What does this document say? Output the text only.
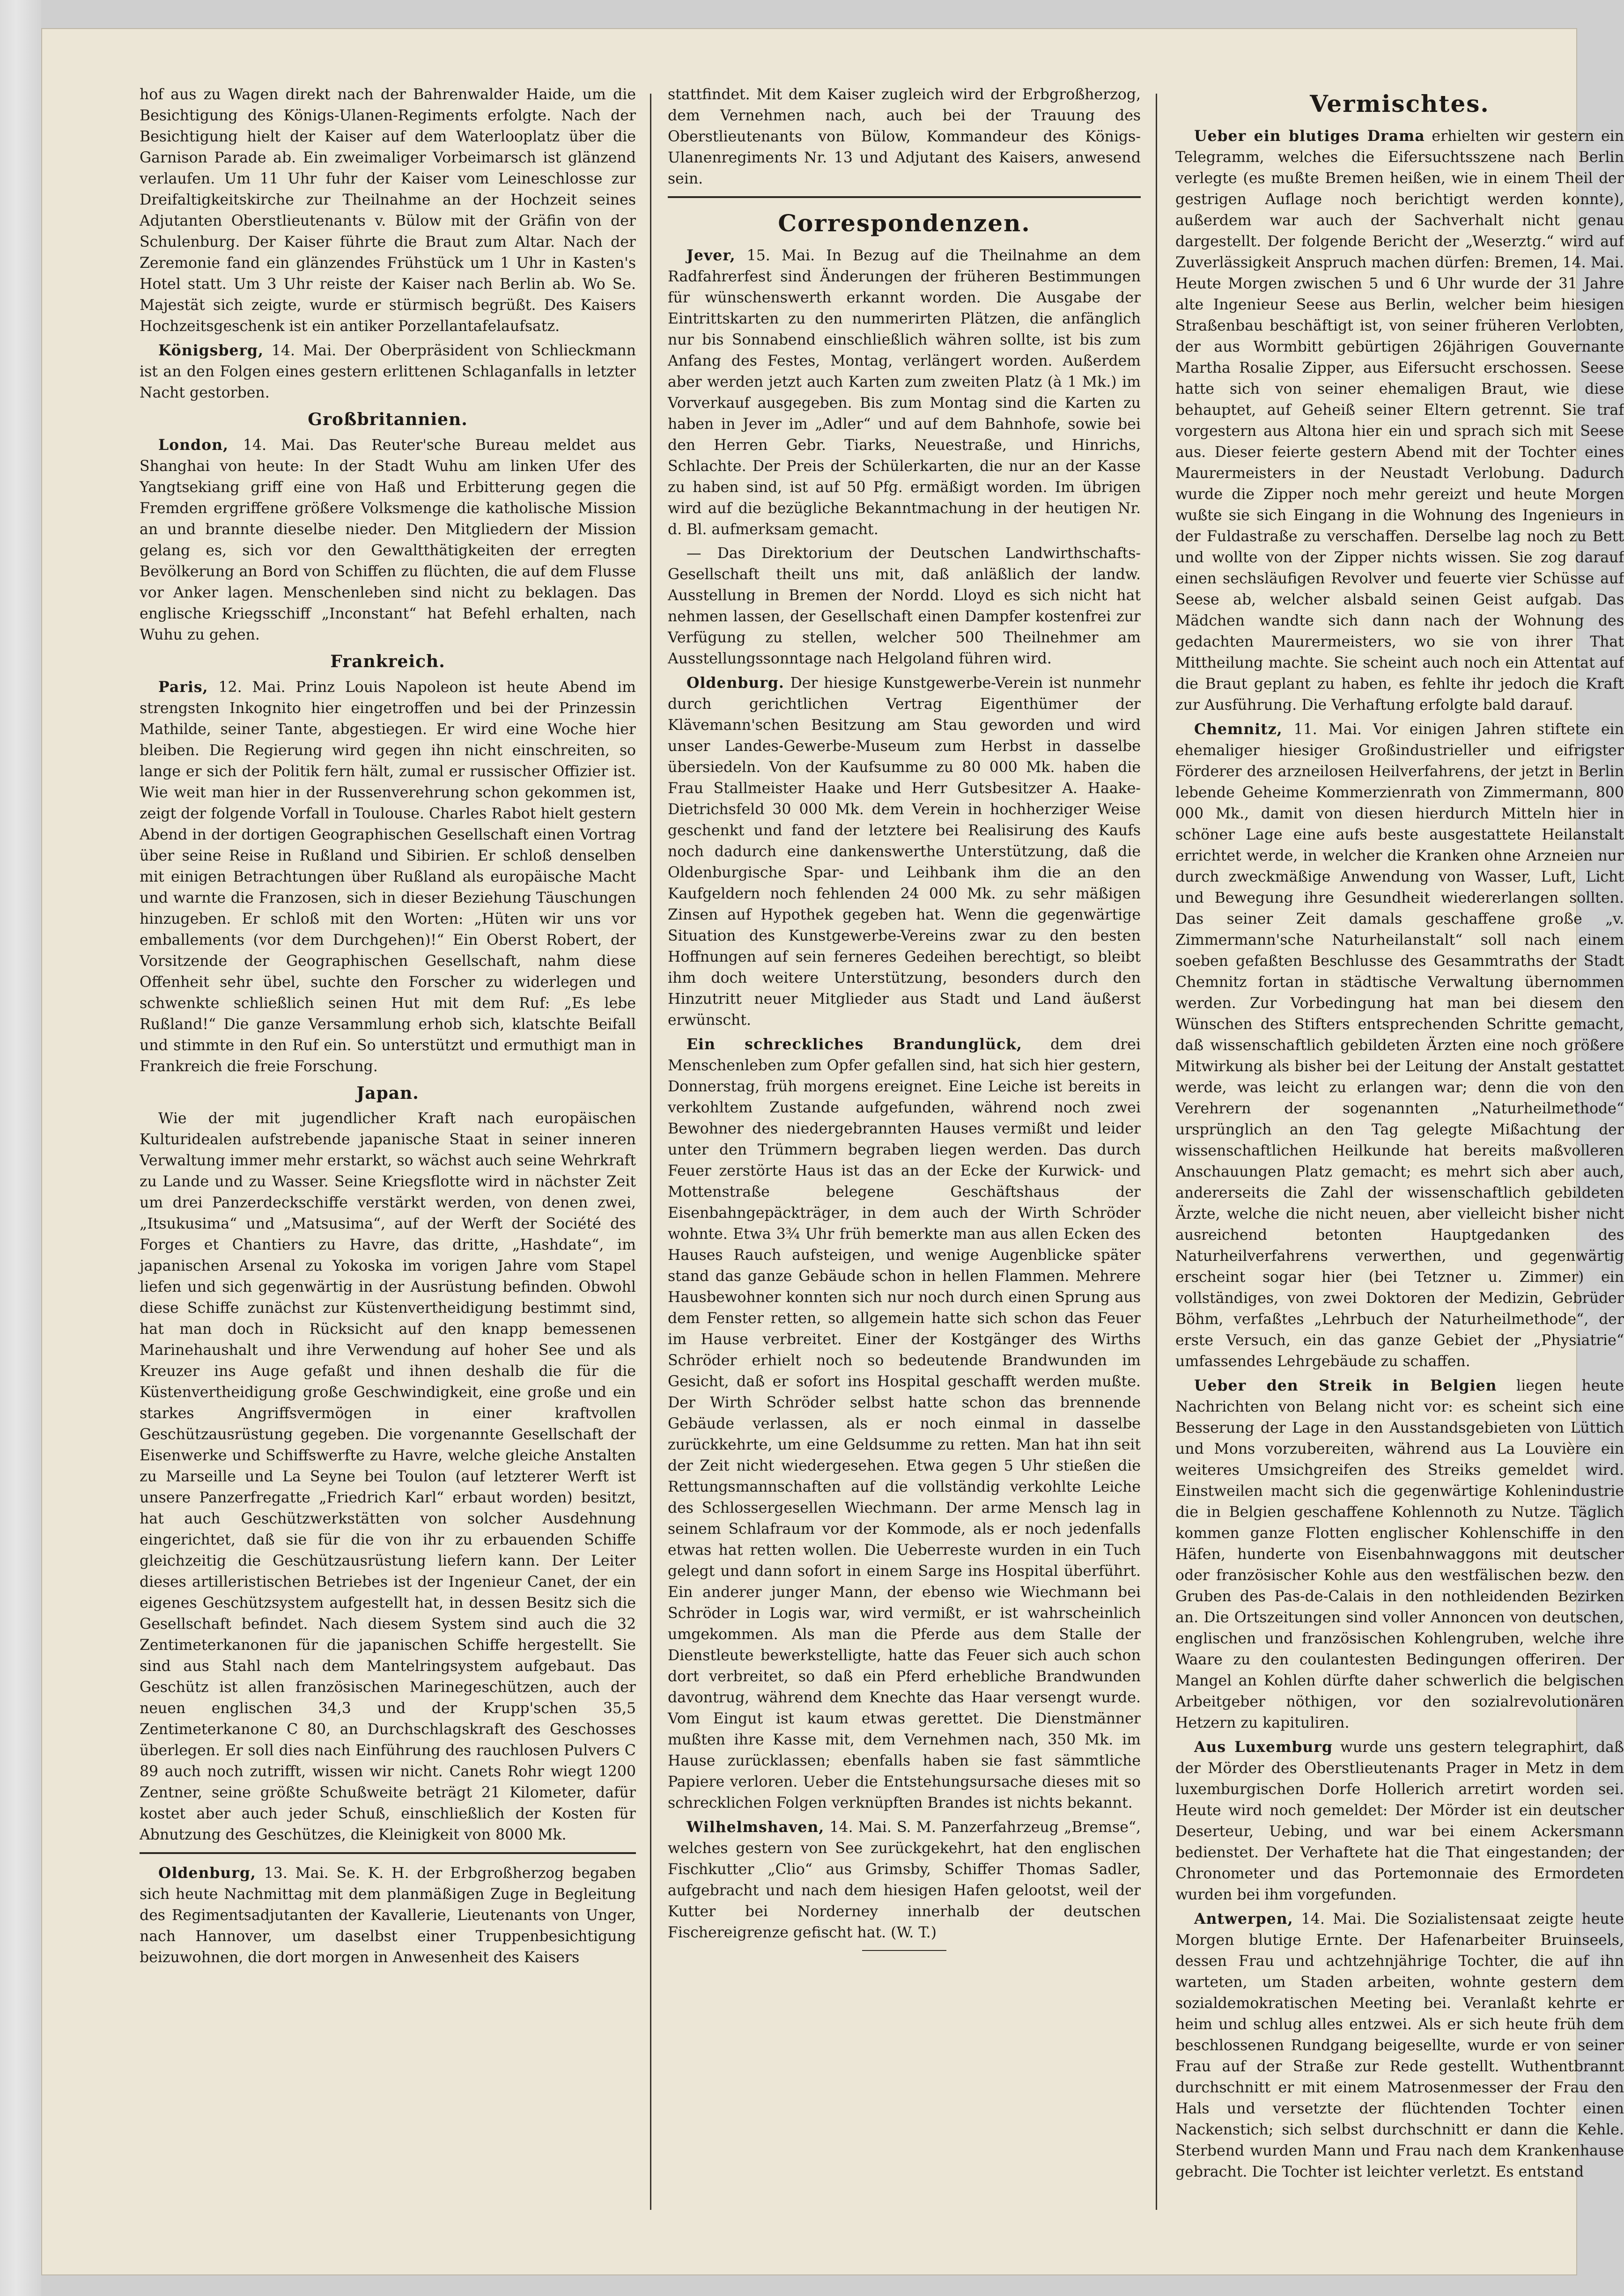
hof aus zu Wagen direkt nach der Bahrenwalder Haide, um die Besichtigung des Königs-Ulanen-Regiments erfolgte. Nach der Besichtigung hielt der Kaiser auf dem Waterlooplatz über die Garnison Parade ab. Ein zweimaliger Vorbeimarsch ist glänzend verlaufen. Um 11 Uhr fuhr der Kaiser vom Leineschlosse zur Dreifaltigkeitskirche zur Theilnahme an der Hochzeit seines Adjutanten Oberstlieutenants v. Bülow mit der Gräfin von der Schulenburg. Der Kaiser führte die Braut zum Altar. Nach der Zeremonie fand ein glänzendes Frühstück um 1 Uhr in Kasten's Hotel statt. Um 3 Uhr reiste der Kaiser nach Berlin ab. Wo Se. Majestät sich zeigte, wurde er stürmisch begrüßt. Des Kaisers Hochzeitsgeschenk ist ein antiker Porzellantafelaufsatz.

Königsberg, 14. Mai. Der Oberpräsident von Schlieckmann ist an den Folgen eines gestern erlittenen Schlaganfalls in letzter Nacht gestorben.

Großbritannien.

London, 14. Mai. Das Reuter'sche Bureau meldet aus Shanghai von heute: In der Stadt Wuhu am linken Ufer des Yangtsekiang griff eine von Haß und Erbitterung gegen die Fremden ergriffene größere Volksmenge die katholische Mission an und brannte dieselbe nieder. Den Mitgliedern der Mission gelang es, sich vor den Gewaltthätigkeiten der erregten Bevölkerung an Bord von Schiffen zu flüchten, die auf dem Flusse vor Anker lagen. Menschenleben sind nicht zu beklagen. Das englische Kriegsschiff „Inconstant“ hat Befehl erhalten, nach Wuhu zu gehen.

Frankreich.

Paris, 12. Mai. Prinz Louis Napoleon ist heute Abend im strengsten Inkognito hier eingetroffen und bei der Prinzessin Mathilde, seiner Tante, abgestiegen. Er wird eine Woche hier bleiben. Die Regierung wird gegen ihn nicht einschreiten, so lange er sich der Politik fern hält, zumal er russischer Offizier ist. Wie weit man hier in der Russenverehrung schon gekommen ist, zeigt der folgende Vorfall in Toulouse. Charles Rabot hielt gestern Abend in der dortigen Geographischen Gesellschaft einen Vortrag über seine Reise in Rußland und Sibirien. Er schloß denselben mit einigen Betrachtungen über Rußland als europäische Macht und warnte die Franzosen, sich in dieser Beziehung Täuschungen hinzugeben. Er schloß mit den Worten: „Hüten wir uns vor emballements (vor dem Durchgehen)!“ Ein Oberst Robert, der Vorsitzende der Geographischen Gesellschaft, nahm diese Offenheit sehr übel, suchte den Forscher zu widerlegen und schwenkte schließlich seinen Hut mit dem Ruf: „Es lebe Rußland!“ Die ganze Versammlung erhob sich, klatschte Beifall und stimmte in den Ruf ein. So unterstützt und ermuthigt man in Frankreich die freie Forschung.

Japan.

Wie der mit jugendlicher Kraft nach europäischen Kulturidealen aufstrebende japanische Staat in seiner inneren Verwaltung immer mehr erstarkt, so wächst auch seine Wehrkraft zu Lande und zu Wasser. Seine Kriegsflotte wird in nächster Zeit um drei Panzerdeckschiffe verstärkt werden, von denen zwei, „Itsukusima“ und „Matsusima“, auf der Werft der Société des Forges et Chantiers zu Havre, das dritte, „Hashdate“, im japanischen Arsenal zu Yokoska im vorigen Jahre vom Stapel liefen und sich gegenwärtig in der Ausrüstung befinden. Obwohl diese Schiffe zunächst zur Küstenvertheidigung bestimmt sind, hat man doch in Rücksicht auf den knapp bemessenen Marinehaushalt und ihre Verwendung auf hoher See und als Kreuzer ins Auge gefaßt und ihnen deshalb die für die Küstenvertheidigung große Geschwindigkeit, eine große und ein starkes Angriffsvermögen in einer kraftvollen Geschützausrüstung gegeben. Die vorgenannte Gesellschaft der Eisenwerke und Schiffswerfte zu Havre, welche gleiche Anstalten zu Marseille und La Seyne bei Toulon (auf letzterer Werft ist unsere Panzerfregatte „Friedrich Karl“ erbaut worden) besitzt, hat auch Geschützwerkstätten von solcher Ausdehnung eingerichtet, daß sie für die von ihr zu erbauenden Schiffe gleichzeitig die Geschützausrüstung liefern kann. Der Leiter dieses artilleristischen Betriebes ist der Ingenieur Canet, der ein eigenes Geschützsystem aufgestellt hat, in dessen Besitz sich die Gesellschaft befindet. Nach diesem System sind auch die 32 Zentimeterkanonen für die japanischen Schiffe hergestellt. Sie sind aus Stahl nach dem Mantelringsystem aufgebaut. Das Geschütz ist allen französischen Marinegeschützen, auch der neuen englischen 34,3 und der Krupp'schen 35,5 Zentimeterkanone C 80, an Durchschlagskraft des Geschosses überlegen. Er soll dies nach Einführung des rauchlosen Pulvers C 89 auch noch zutrifft, wissen wir nicht. Canets Rohr wiegt 1200 Zentner, seine größte Schußweite beträgt 21 Kilometer, dafür kostet aber auch jeder Schuß, einschließlich der Kosten für Abnutzung des Geschützes, die Kleinigkeit von 8000 Mk.

Oldenburg, 13. Mai. Se. K. H. der Erbgroßherzog begaben sich heute Nachmittag mit dem planmäßigen Zuge in Begleitung des Regimentsadjutanten der Kavallerie, Lieutenants von Unger, nach Hannover, um daselbst einer Truppenbesichtigung beizuwohnen, die dort morgen in Anwesenheit des Kaisers

stattfindet. Mit dem Kaiser zugleich wird der Erbgroßherzog, dem Vernehmen nach, auch bei der Trauung des Oberstlieutenants von Bülow, Kommandeur des Königs-Ulanenregiments Nr. 13 und Adjutant des Kaisers, anwesend sein.

Correspondenzen.

Jever, 15. Mai. In Bezug auf die Theilnahme an dem Radfahrerfest sind Änderungen der früheren Bestimmungen für wünschenswerth erkannt worden. Die Ausgabe der Eintrittskarten zu den nummerirten Plätzen, die anfänglich nur bis Sonnabend einschließlich währen sollte, ist bis zum Anfang des Festes, Montag, verlängert worden. Außerdem aber werden jetzt auch Karten zum zweiten Platz (à 1 Mk.) im Vorverkauf ausgegeben. Bis zum Montag sind die Karten zu haben in Jever im „Adler“ und auf dem Bahnhofe, sowie bei den Herren Gebr. Tiarks, Neuestraße, und Hinrichs, Schlachte. Der Preis der Schülerkarten, die nur an der Kasse zu haben sind, ist auf 50 Pfg. ermäßigt worden. Im übrigen wird auf die bezügliche Bekanntmachung in der heutigen Nr. d. Bl. aufmerksam gemacht.

— Das Direktorium der Deutschen Landwirthschafts-Gesellschaft theilt uns mit, daß anläßlich der landw. Ausstellung in Bremen der Nordd. Lloyd es sich nicht hat nehmen lassen, der Gesellschaft einen Dampfer kostenfrei zur Verfügung zu stellen, welcher 500 Theilnehmer am Ausstellungssonntage nach Helgoland führen wird.

Oldenburg. Der hiesige Kunstgewerbe-Verein ist nunmehr durch gerichtlichen Vertrag Eigenthümer der Klävemann'schen Besitzung am Stau geworden und wird unser Landes-Gewerbe-Museum zum Herbst in dasselbe übersiedeln. Von der Kaufsumme zu 80 000 Mk. haben die Frau Stallmeister Haake und Herr Gutsbesitzer A. Haake-Dietrichsfeld 30 000 Mk. dem Verein in hochherziger Weise geschenkt und fand der letztere bei Realisirung des Kaufs noch dadurch eine dankenswerthe Unterstützung, daß die Oldenburgische Spar- und Leihbank ihm die an den Kaufgeldern noch fehlenden 24 000 Mk. zu sehr mäßigen Zinsen auf Hypothek gegeben hat. Wenn die gegenwärtige Situation des Kunstgewerbe-Vereins zwar zu den besten Hoffnungen auf sein ferneres Gedeihen berechtigt, so bleibt ihm doch weitere Unterstützung, besonders durch den Hinzutritt neuer Mitglieder aus Stadt und Land äußerst erwünscht.

Ein schreckliches Brandunglück, dem drei Menschenleben zum Opfer gefallen sind, hat sich hier gestern, Donnerstag, früh morgens ereignet. Eine Leiche ist bereits in verkohltem Zustande aufgefunden, während noch zwei Bewohner des niedergebrannten Hauses vermißt und leider unter den Trümmern begraben liegen werden. Das durch Feuer zerstörte Haus ist das an der Ecke der Kurwick- und Mottenstraße belegene Geschäftshaus der Eisenbahngepäckträger, in dem auch der Wirth Schröder wohnte. Etwa 3¾ Uhr früh bemerkte man aus allen Ecken des Hauses Rauch aufsteigen, und wenige Augenblicke später stand das ganze Gebäude schon in hellen Flammen. Mehrere Hausbewohner konnten sich nur noch durch einen Sprung aus dem Fenster retten, so allgemein hatte sich schon das Feuer im Hause verbreitet. Einer der Kostgänger des Wirths Schröder erhielt noch so bedeutende Brandwunden im Gesicht, daß er sofort ins Hospital geschafft werden mußte. Der Wirth Schröder selbst hatte schon das brennende Gebäude verlassen, als er noch einmal in dasselbe zurückkehrte, um eine Geldsumme zu retten. Man hat ihn seit der Zeit nicht wiedergesehen. Etwa gegen 5 Uhr stießen die Rettungsmannschaften auf die vollständig verkohlte Leiche des Schlossergesellen Wiechmann. Der arme Mensch lag in seinem Schlafraum vor der Kommode, als er noch jedenfalls etwas hat retten wollen. Die Ueberreste wurden in ein Tuch gelegt und dann sofort in einem Sarge ins Hospital überführt. Ein anderer junger Mann, der ebenso wie Wiechmann bei Schröder in Logis war, wird vermißt, er ist wahrscheinlich umgekommen. Als man die Pferde aus dem Stalle der Dienstleute bewerkstelligte, hatte das Feuer sich auch schon dort verbreitet, so daß ein Pferd erhebliche Brandwunden davontrug, während dem Knechte das Haar versengt wurde. Vom Eingut ist kaum etwas gerettet. Die Dienstmänner mußten ihre Kasse mit, dem Vernehmen nach, 350 Mk. im Hause zurücklassen; ebenfalls haben sie fast sämmtliche Papiere verloren. Ueber die Entstehungsursache dieses mit so schrecklichen Folgen verknüpften Brandes ist nichts bekannt.

Wilhelmshaven, 14. Mai. S. M. Panzerfahrzeug „Bremse“, welches gestern von See zurückgekehrt, hat den englischen Fischkutter „Clio“ aus Grimsby, Schiffer Thomas Sadler, aufgebracht und nach dem hiesigen Hafen gelootst, weil der Kutter bei Norderney innerhalb der deutschen Fischereigrenze gefischt hat. (W. T.)

Vermischtes.

Ueber ein blutiges Drama erhielten wir gestern ein Telegramm, welches die Eifersuchtsszene nach Berlin verlegte (es mußte Bremen heißen, wie in einem Theil der gestrigen Auflage noch berichtigt werden konnte), außerdem war auch der Sachverhalt nicht genau dargestellt. Der folgende Bericht der „Weserztg.“ wird auf Zuverlässigkeit Anspruch machen dürfen: Bremen, 14. Mai. Heute Morgen zwischen 5 und 6 Uhr wurde der 31 Jahre alte Ingenieur Seese aus Berlin, welcher beim hiesigen Straßenbau beschäftigt ist, von seiner früheren Verlobten, der aus Wormbitt gebürtigen 26jährigen Gouvernante Martha Rosalie Zipper, aus Eifersucht erschossen. Seese hatte sich von seiner ehemaligen Braut, wie diese behauptet, auf Geheiß seiner Eltern getrennt. Sie traf vorgestern aus Altona hier ein und sprach sich mit Seese aus. Dieser feierte gestern Abend mit der Tochter eines Maurermeisters in der Neustadt Verlobung. Dadurch wurde die Zipper noch mehr gereizt und heute Morgen wußte sie sich Eingang in die Wohnung des Ingenieurs in der Fuldastraße zu verschaffen. Derselbe lag noch zu Bett und wollte von der Zipper nichts wissen. Sie zog darauf einen sechsläufigen Revolver und feuerte vier Schüsse auf Seese ab, welcher alsbald seinen Geist aufgab. Das Mädchen wandte sich dann nach der Wohnung des gedachten Maurermeisters, wo sie von ihrer That Mittheilung machte. Sie scheint auch noch ein Attentat auf die Braut geplant zu haben, es fehlte ihr jedoch die Kraft zur Ausführung. Die Verhaftung erfolgte bald darauf.

Chemnitz, 11. Mai. Vor einigen Jahren stiftete ein ehemaliger hiesiger Großindustrieller und eifrigster Förderer des arzneilosen Heilverfahrens, der jetzt in Berlin lebende Geheime Kommerzienrath von Zimmermann, 800 000 Mk., damit von diesen hierdurch Mitteln hier in schöner Lage eine aufs beste ausgestattete Heilanstalt errichtet werde, in welcher die Kranken ohne Arzneien nur durch zweckmäßige Anwendung von Wasser, Luft, Licht und Bewegung ihre Gesundheit wiedererlangen sollten. Das seiner Zeit damals geschaffene große „v. Zimmermann'sche Naturheilanstalt“ soll nach einem soeben gefaßten Beschlusse des Gesammtraths der Stadt Chemnitz fortan in städtische Verwaltung übernommen werden. Zur Vorbedingung hat man bei diesem den Wünschen des Stifters entsprechenden Schritte gemacht, daß wissenschaftlich gebildeten Ärzten eine noch größere Mitwirkung als bisher bei der Leitung der Anstalt gestattet werde, was leicht zu erlangen war; denn die von den Verehrern der sogenannten „Naturheilmethode“ ursprünglich an den Tag gelegte Mißachtung der wissenschaftlichen Heilkunde hat bereits maßvolleren Anschauungen Platz gemacht; es mehrt sich aber auch, andererseits die Zahl der wissenschaftlich gebildeten Ärzte, welche die nicht neuen, aber vielleicht bisher nicht ausreichend betonten Hauptgedanken des Naturheilverfahrens verwerthen, und gegenwärtig erscheint sogar hier (bei Tetzner u. Zimmer) ein vollständiges, von zwei Doktoren der Medizin, Gebrüder Böhm, verfaßtes „Lehrbuch der Naturheilmethode“, der erste Versuch, ein das ganze Gebiet der „Physiatrie“ umfassendes Lehrgebäude zu schaffen.

Ueber den Streik in Belgien liegen heute Nachrichten von Belang nicht vor: es scheint sich eine Besserung der Lage in den Ausstandsgebieten von Lüttich und Mons vorzubereiten, während aus La Louvière ein weiteres Umsichgreifen des Streiks gemeldet wird. Einstweilen macht sich die gegenwärtige Kohlenindustrie die in Belgien geschaffene Kohlennoth zu Nutze. Täglich kommen ganze Flotten englischer Kohlenschiffe in den Häfen, hunderte von Eisenbahnwaggons mit deutscher oder französischer Kohle aus den westfälischen bezw. den Gruben des Pas-de-Calais in den nothleidenden Bezirken an. Die Ortszeitungen sind voller Annoncen von deutschen, englischen und französischen Kohlengruben, welche ihre Waare zu den coulantesten Bedingungen offeriren. Der Mangel an Kohlen dürfte daher schwerlich die belgischen Arbeitgeber nöthigen, vor den sozialrevolutionären Hetzern zu kapituliren.

Aus Luxemburg wurde uns gestern telegraphirt, daß der Mörder des Oberstlieutenants Prager in Metz in dem luxemburgischen Dorfe Hollerich arretirt worden sei. Heute wird noch gemeldet: Der Mörder ist ein deutscher Deserteur, Uebing, und war bei einem Ackersmann bedienstet. Der Verhaftete hat die That eingestanden; der Chronometer und das Portemonnaie des Ermordeten wurden bei ihm vorgefunden.

Antwerpen, 14. Mai. Die Sozialistensaat zeigte heute Morgen blutige Ernte. Der Hafenarbeiter Bruinseels, dessen Frau und achtzehnjährige Tochter, die auf ihn warteten, um Staden arbeiten, wohnte gestern dem sozialdemokratischen Meeting bei. Veranlaßt kehrte er heim und schlug alles entzwei. Als er sich heute früh dem beschlossenen Rundgang beigesellte, wurde er von seiner Frau auf der Straße zur Rede gestellt. Wuthentbrannt durchschnitt er mit einem Matrosenmesser der Frau den Hals und versetzte der flüchtenden Tochter einen Nackenstich; sich selbst durchschnitt er dann die Kehle. Sterbend wurden Mann und Frau nach dem Krankenhause gebracht. Die Tochter ist leichter verletzt. Es entstand
